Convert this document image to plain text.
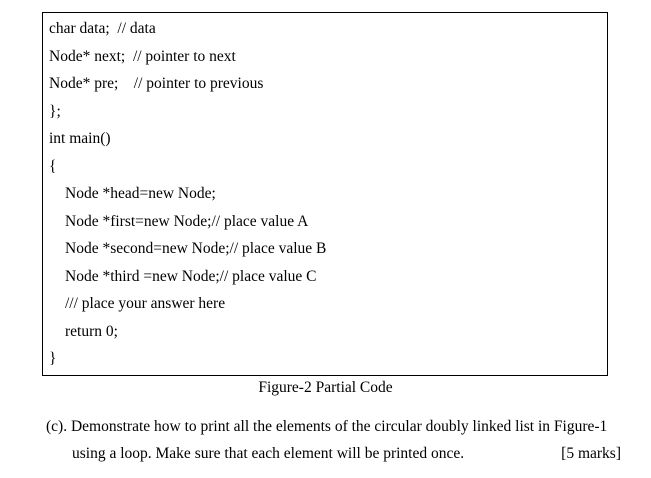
char data;  // data
Node* next;  // pointer to next
Node* pre;    // pointer to previous
};
int main()
{
Node *head=new Node;
Node *first=new Node;// place value A
Node *second=new Node;// place value B
Node *third =new Node;// place value C
/// place your answer here
return 0;
}
Figure-2 Partial Code
(c). Demonstrate how to print all the elements of the circular doubly linked list in Figure-1
using a loop. Make sure that each element will be printed once.	[5 marks]
